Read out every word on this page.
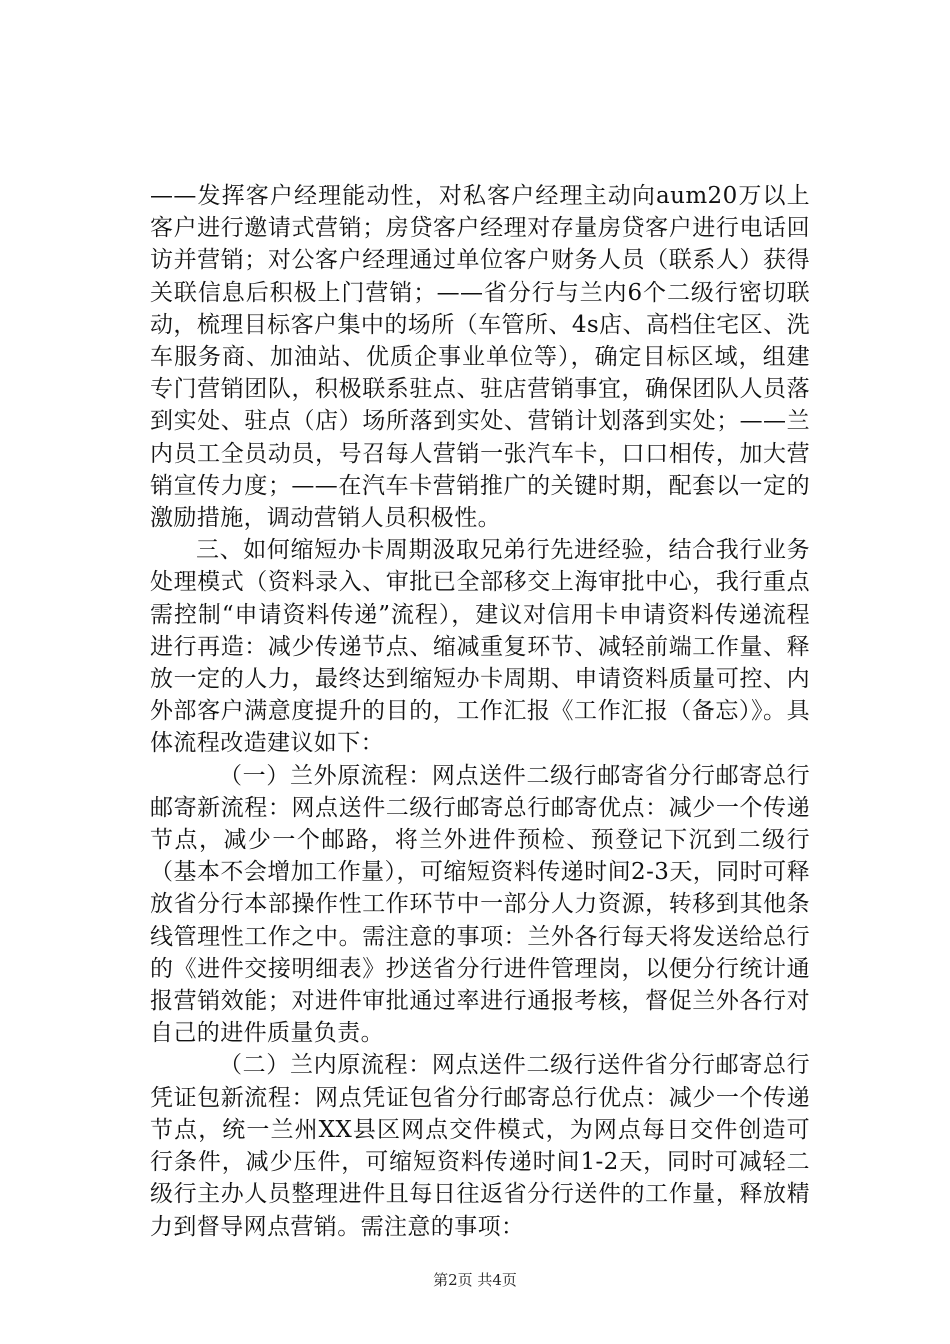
——发挥客户经理能动性，对私客户经理主动向aum20万以上客户进行邀请式营销；房贷客户经理对存量房贷客户进行电话回访并营销；对公客户经理通过单位客户财务人员（联系人）获得关联信息后积极上门营销；——省分行与兰内6个二级行密切联动，梳理目标客户集中的场所（车管所、4s店、高档住宅区、洗车服务商、加油站、优质企事业单位等），确定目标区域，组建专门营销团队，积极联系驻点、驻店营销事宜，确保团队人员落到实处、驻点（店）场所落到实处、营销计划落到实处；——兰内员工全员动员，号召每人营销一张汽车卡，口口相传，加大营销宣传力度；——在汽车卡营销推广的关键时期，配套以一定的激励措施，调动营销人员积极性。

三、如何缩短办卡周期汲取兄弟行先进经验，结合我行业务处理模式（资料录入、审批已全部移交上海审批中心，我行重点需控制“申请资料传递”流程），建议对信用卡申请资料传递流程进行再造：减少传递节点、缩减重复环节、减轻前端工作量、释放一定的人力，最终达到缩短办卡周期、申请资料质量可控、内外部客户满意度提升的目的，工作汇报《工作汇报（备忘）》。具体流程改造建议如下：

（一）兰外原流程：网点送件二级行邮寄省分行邮寄总行邮寄新流程：网点送件二级行邮寄总行邮寄优点：减少一个传递节点，减少一个邮路，将兰外进件预检、预登记下沉到二级行（基本不会增加工作量），可缩短资料传递时间2-3天，同时可释放省分行本部操作性工作环节中一部分人力资源，转移到其他条线管理性工作之中。需注意的事项：兰外各行每天将发送给总行的《进件交接明细表》抄送省分行进件管理岗，以便分行统计通报营销效能；对进件审批通过率进行通报考核，督促兰外各行对自己的进件质量负责。

（二）兰内原流程：网点送件二级行送件省分行邮寄总行凭证包新流程：网点凭证包省分行邮寄总行优点：减少一个传递节点，统一兰州XX县区网点交件模式，为网点每日交件创造可行条件，减少压件，可缩短资料传递时间1-2天，同时可减轻二级行主办人员整理进件且每日往返省分行送件的工作量，释放精力到督导网点营销。需注意的事项：

第2页 共4页
